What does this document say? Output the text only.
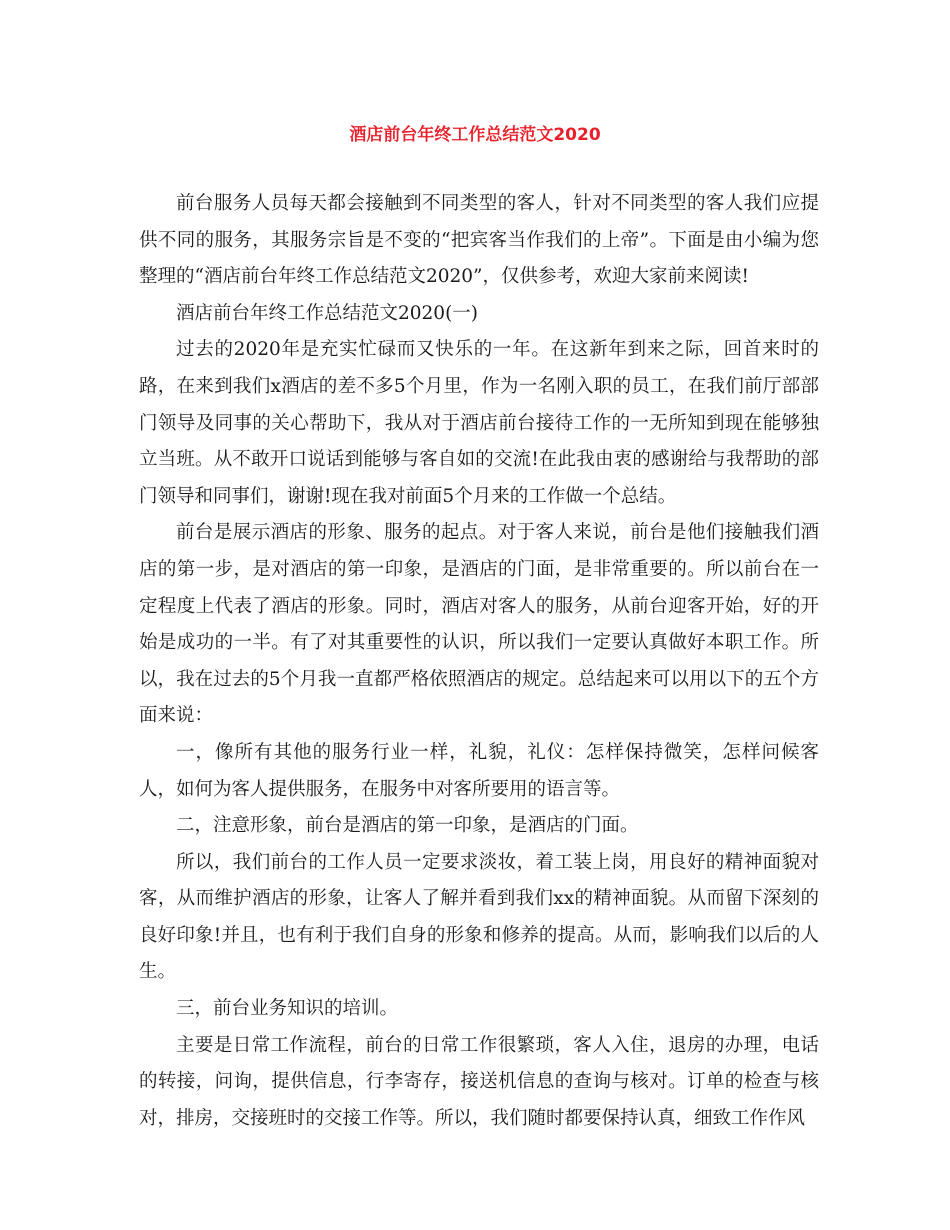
酒店前台年终工作总结范文2020

前台服务人员每天都会接触到不同类型的客人，针对不同类型的客人我们应提供不同的服务，其服务宗旨是不变的“把宾客当作我们的上帝”。下面是由小编为您整理的“酒店前台年终工作总结范文2020”，仅供参考，欢迎大家前来阅读!

酒店前台年终工作总结范文2020(一)

过去的2020年是充实忙碌而又快乐的一年。在这新年到来之际，回首来时的路，在来到我们x酒店的差不多5个月里，作为一名刚入职的员工，在我们前厅部部门领导及同事的关心帮助下，我从对于酒店前台接待工作的一无所知到现在能够独立当班。从不敢开口说话到能够与客自如的交流!在此我由衷的感谢给与我帮助的部门领导和同事们，谢谢!现在我对前面5个月来的工作做一个总结。

前台是展示酒店的形象、服务的起点。对于客人来说，前台是他们接触我们酒店的第一步，是对酒店的第一印象，是酒店的门面，是非常重要的。所以前台在一定程度上代表了酒店的形象。同时，酒店对客人的服务，从前台迎客开始，好的开始是成功的一半。有了对其重要性的认识，所以我们一定要认真做好本职工作。所以，我在过去的5个月我一直都严格依照酒店的规定。总结起来可以用以下的五个方面来说：

一，像所有其他的服务行业一样，礼貌，礼仪：怎样保持微笑，怎样问候客人，如何为客人提供服务，在服务中对客所要用的语言等。

二，注意形象，前台是酒店的第一印象，是酒店的门面。

所以，我们前台的工作人员一定要求淡妆，着工装上岗，用良好的精神面貌对客，从而维护酒店的形象，让客人了解并看到我们xx的精神面貌。从而留下深刻的良好印象!并且，也有利于我们自身的形象和修养的提高。从而，影响我们以后的人生。

三，前台业务知识的培训。

主要是日常工作流程，前台的日常工作很繁琐，客人入住，退房的办理，电话的转接，问询，提供信息，行李寄存，接送机信息的查询与核对。订单的检查与核对，排房，交接班时的交接工作等。所以，我们随时都要保持认真，细致工作作风
